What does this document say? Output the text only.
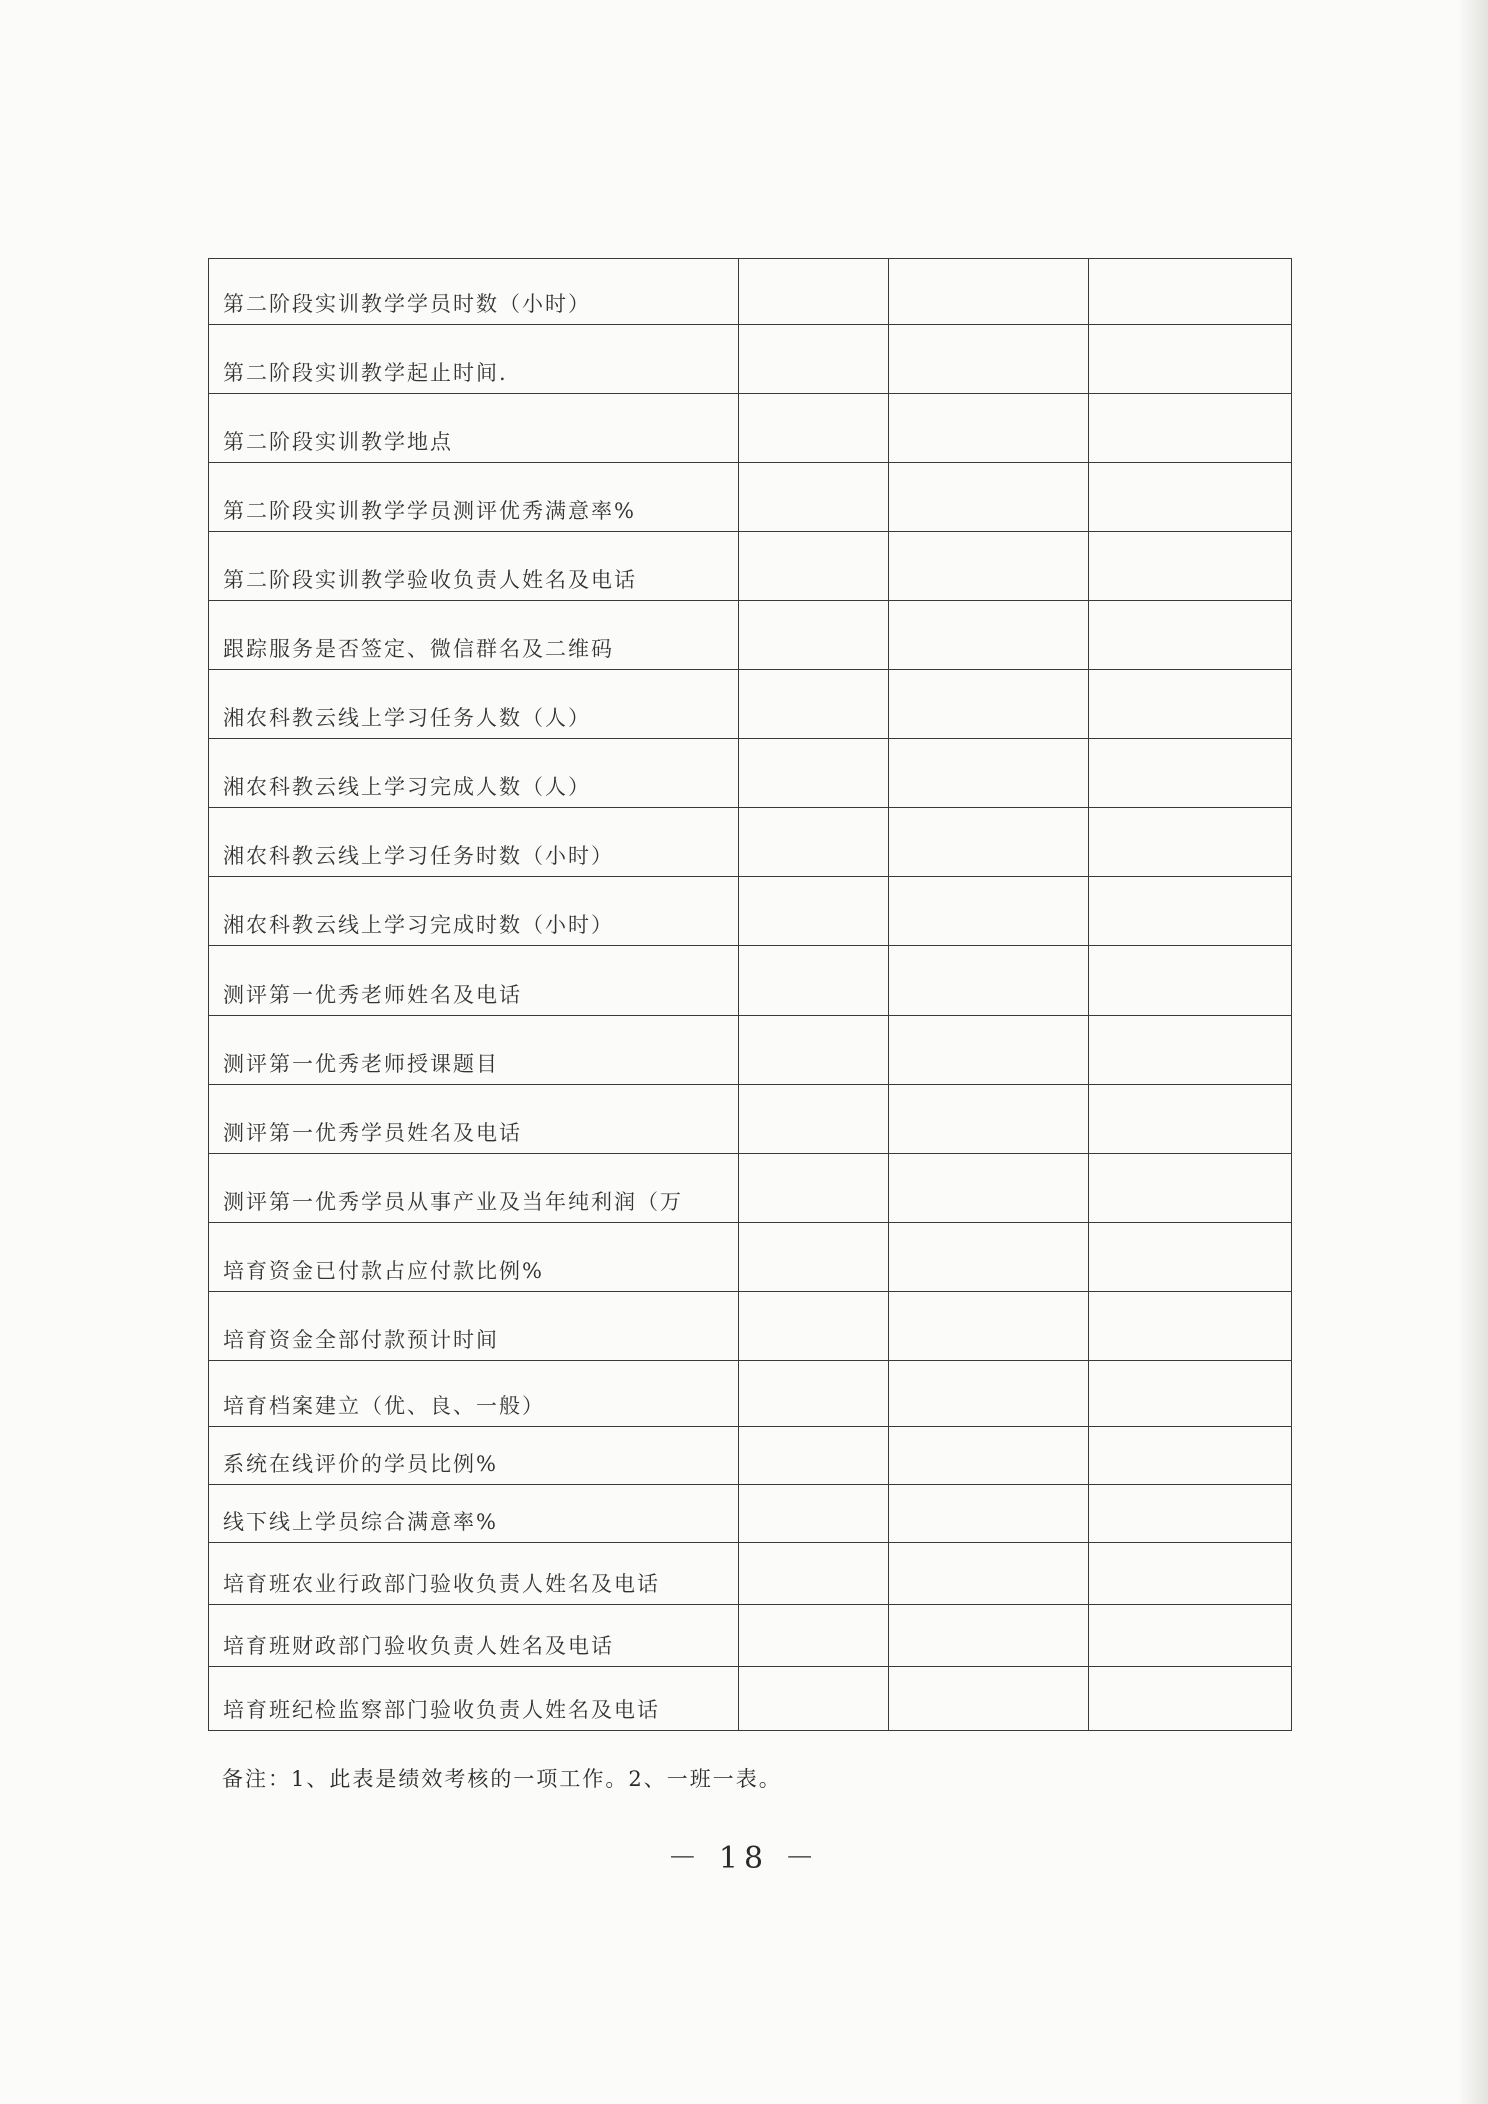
第二阶段实训教学学员时数（小时）			
第二阶段实训教学起止时间.			
第二阶段实训教学地点			
第二阶段实训教学学员测评优秀满意率%			
第二阶段实训教学验收负责人姓名及电话			
跟踪服务是否签定、微信群名及二维码			
湘农科教云线上学习任务人数（人）			
湘农科教云线上学习完成人数（人）			
湘农科教云线上学习任务时数（小时）			
湘农科教云线上学习完成时数（小时）			
测评第一优秀老师姓名及电话			
测评第一优秀老师授课题目			
测评第一优秀学员姓名及电话			
测评第一优秀学员从事产业及当年纯利润（万			
培育资金已付款占应付款比例%			
培育资金全部付款预计时间			
培育档案建立（优、良、一般）			
系统在线评价的学员比例%			
线下线上学员综合满意率%			
培育班农业行政部门验收负责人姓名及电话			
培育班财政部门验收负责人姓名及电话			
培育班纪检监察部门验收负责人姓名及电话			
备注：1、此表是绩效考核的一项工作。2、一班一表。
－ 18 －
